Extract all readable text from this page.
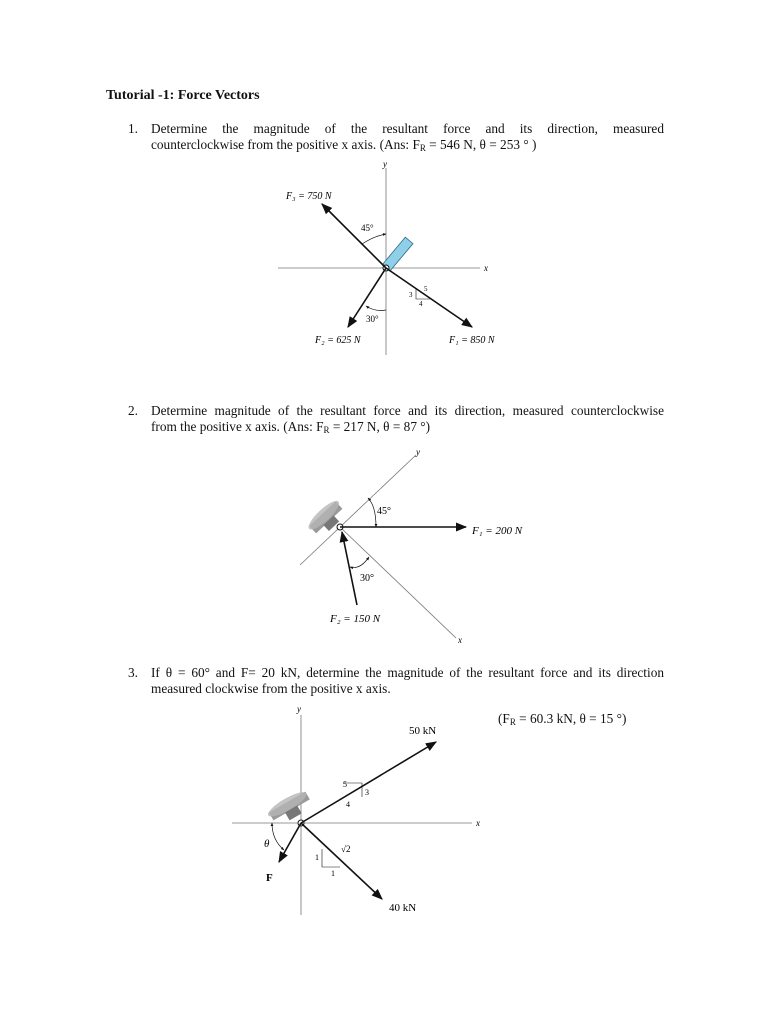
Tutorial -1: Force Vectors
1. Determine the magnitude of the resultant force and its direction, measured
counterclockwise from the positive x axis. (Ans: $F_R = 546$ N, θ = 253 ° )
x
y
45°
30°
3
4
5
F₃ = 750 N
F₂ = 625 N	F₁ = 850 N
2. Determine magnitude of the resultant force and its direction, measured counterclockwise
from the positive x axis. (Ans: $F_R = 217$ N, θ = 87 °)
y
x
45°
30°
F₁ = 200 N
F₂ = 150 N
3. If θ = 60° and F= 20 kN, determine the magnitude of the resultant force and its direction
measured clockwise from the positive x axis.
($F_R = 60.3$ kN, θ = 15 °)
x
y
θ
5
4
3
√2
1
1
50 kN
40 kN
F
